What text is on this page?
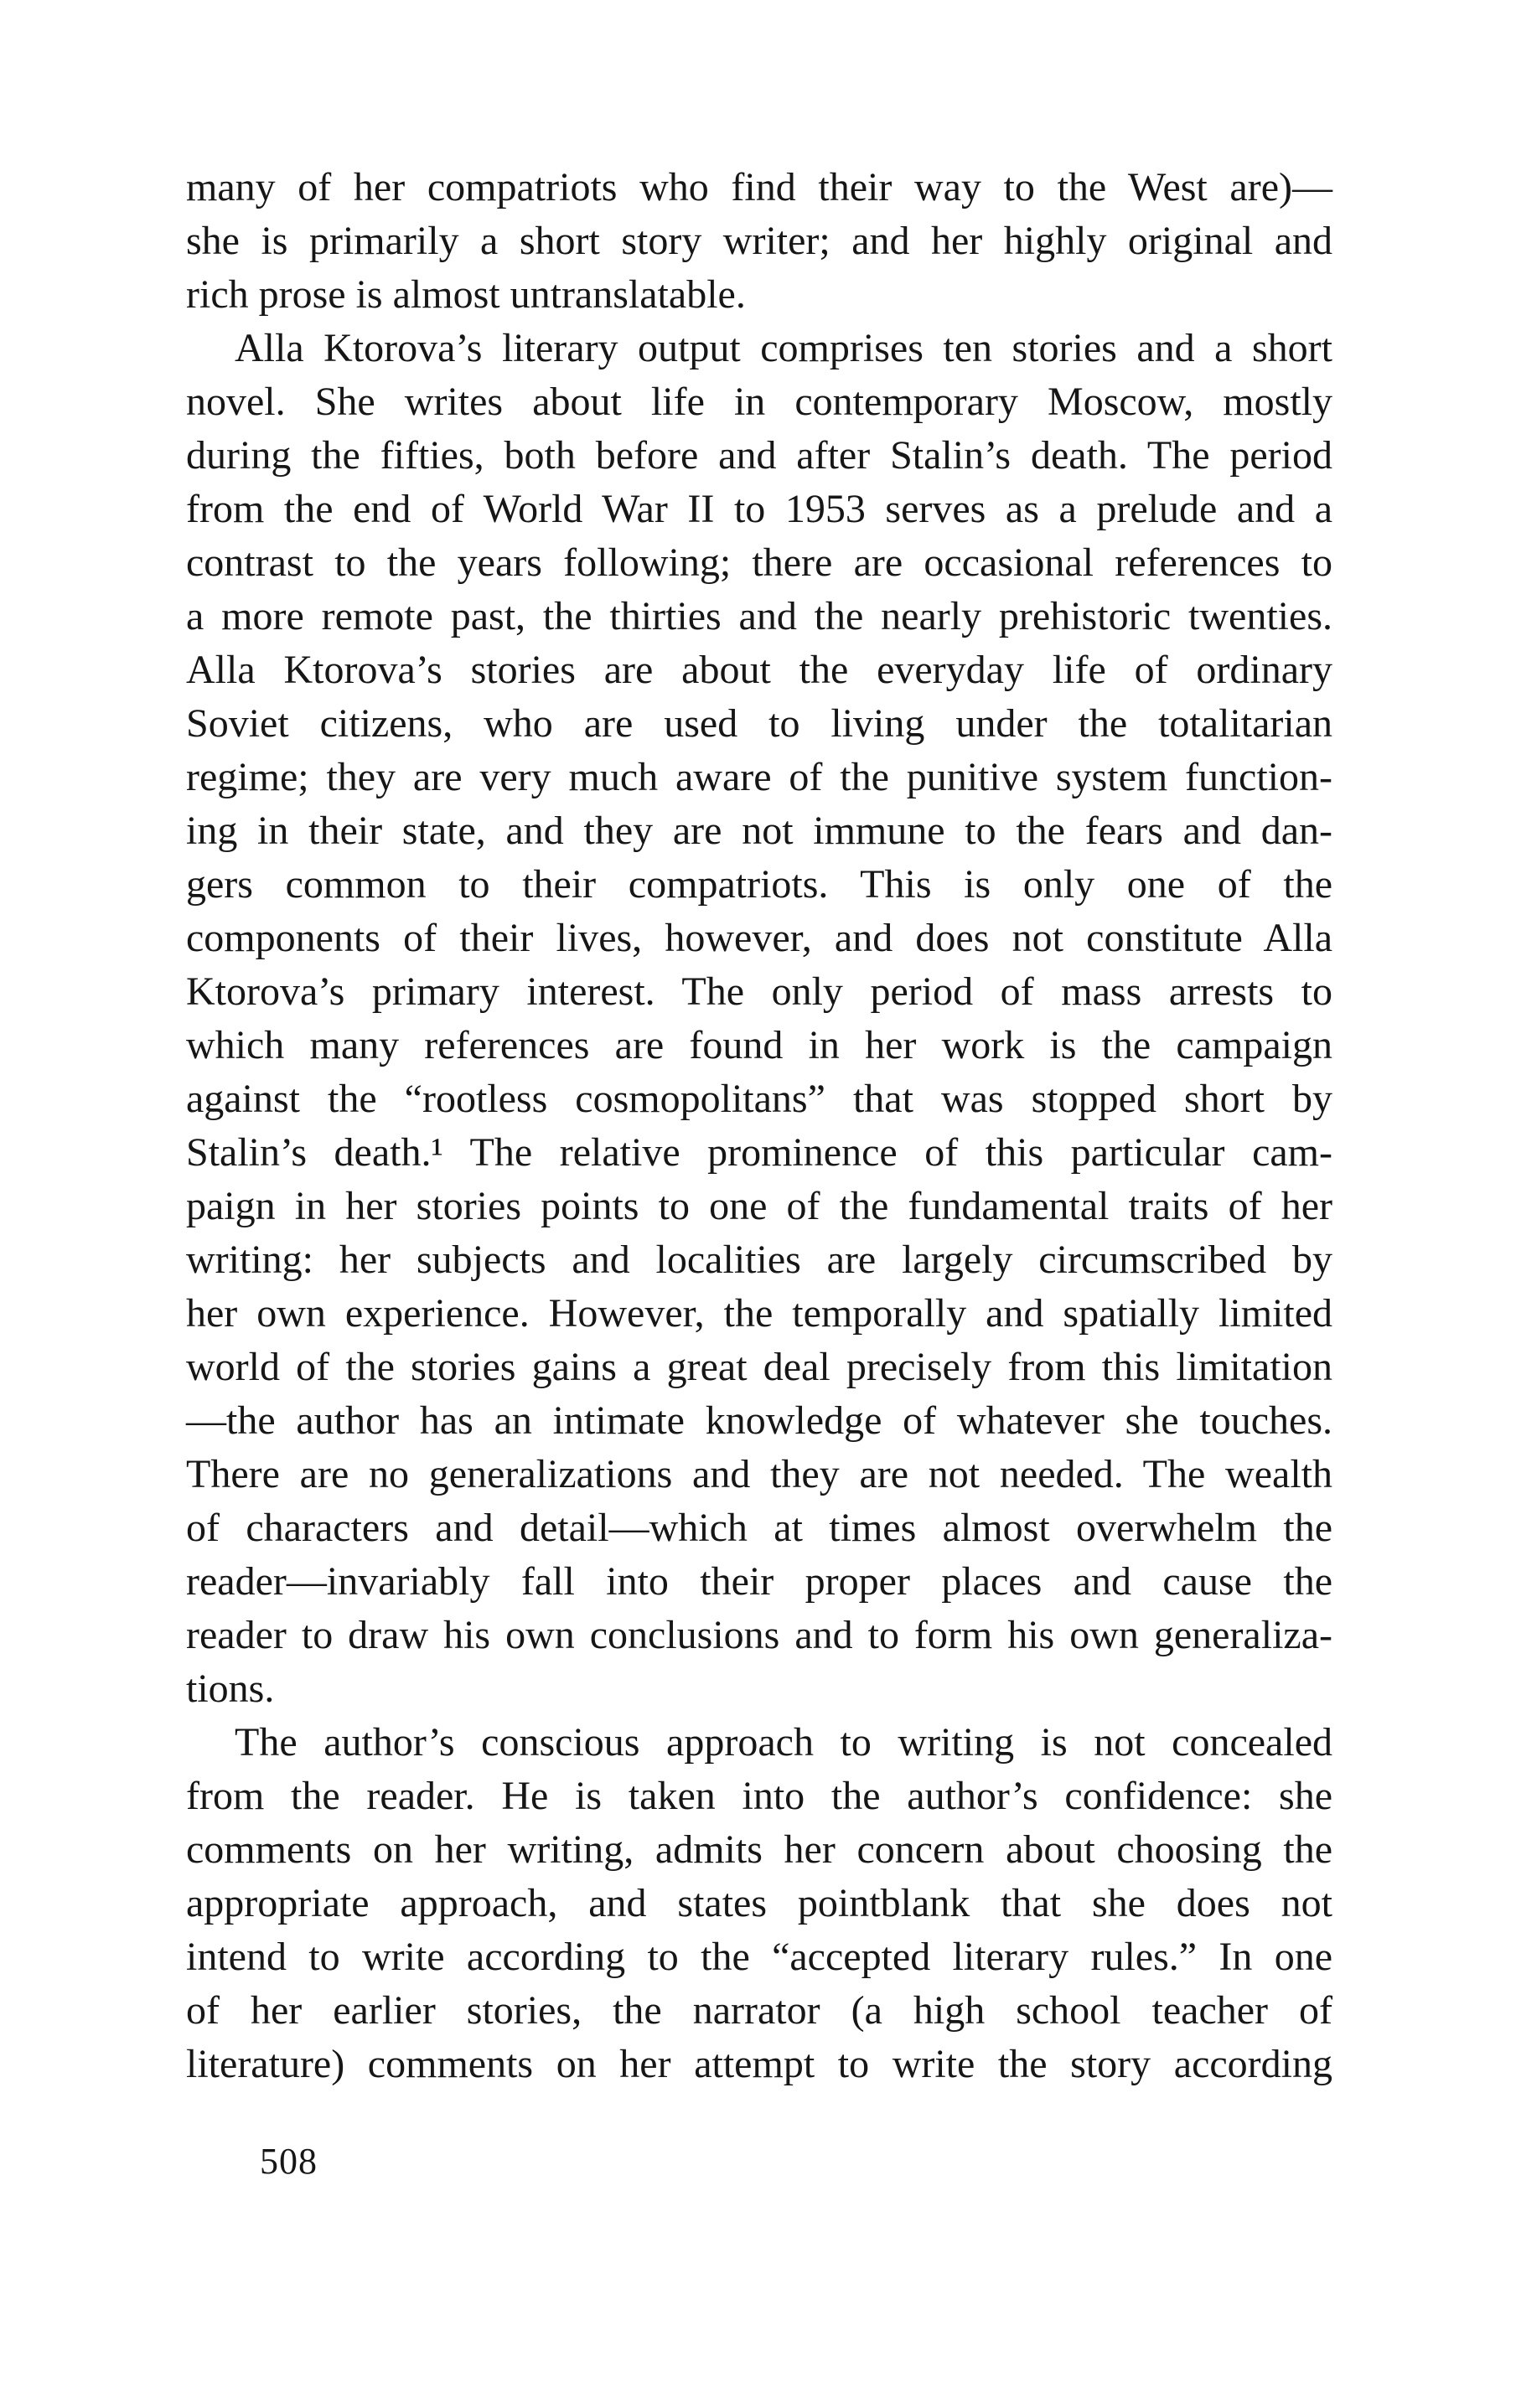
many of her compatriots who find their way to the West are)—
she is primarily a short story writer; and her highly original and
rich prose is almost untranslatable.
Alla Ktorova’s literary output comprises ten stories and a short
novel. She writes about life in contemporary Moscow, mostly
during the fifties, both before and after Stalin’s death. The period
from the end of World War II to 1953 serves as a prelude and a
contrast to the years following; there are occasional references to
a more remote past, the thirties and the nearly prehistoric twenties.
Alla Ktorova’s stories are about the everyday life of ordinary
Soviet citizens, who are used to living under the totalitarian
regime; they are very much aware of the punitive system function-
ing in their state, and they are not immune to the fears and dan-
gers common to their compatriots. This is only one of the
components of their lives, however, and does not constitute Alla
Ktorova’s primary interest. The only period of mass arrests to
which many references are found in her work is the campaign
against the “rootless cosmopolitans” that was stopped short by
Stalin’s death.¹ The relative prominence of this particular cam-
paign in her stories points to one of the fundamental traits of her
writing: her subjects and localities are largely circumscribed by
her own experience. However, the temporally and spatially limited
world of the stories gains a great deal precisely from this limitation
—the author has an intimate knowledge of whatever she touches.
There are no generalizations and they are not needed. The wealth
of characters and detail—which at times almost overwhelm the
reader—invariably fall into their proper places and cause the
reader to draw his own conclusions and to form his own generaliza-
tions.
The author’s conscious approach to writing is not concealed
from the reader. He is taken into the author’s confidence: she
comments on her writing, admits her concern about choosing the
appropriate approach, and states pointblank that she does not
intend to write according to the “accepted literary rules.” In one
of her earlier stories, the narrator (a high school teacher of
literature) comments on her attempt to write the story according
508
